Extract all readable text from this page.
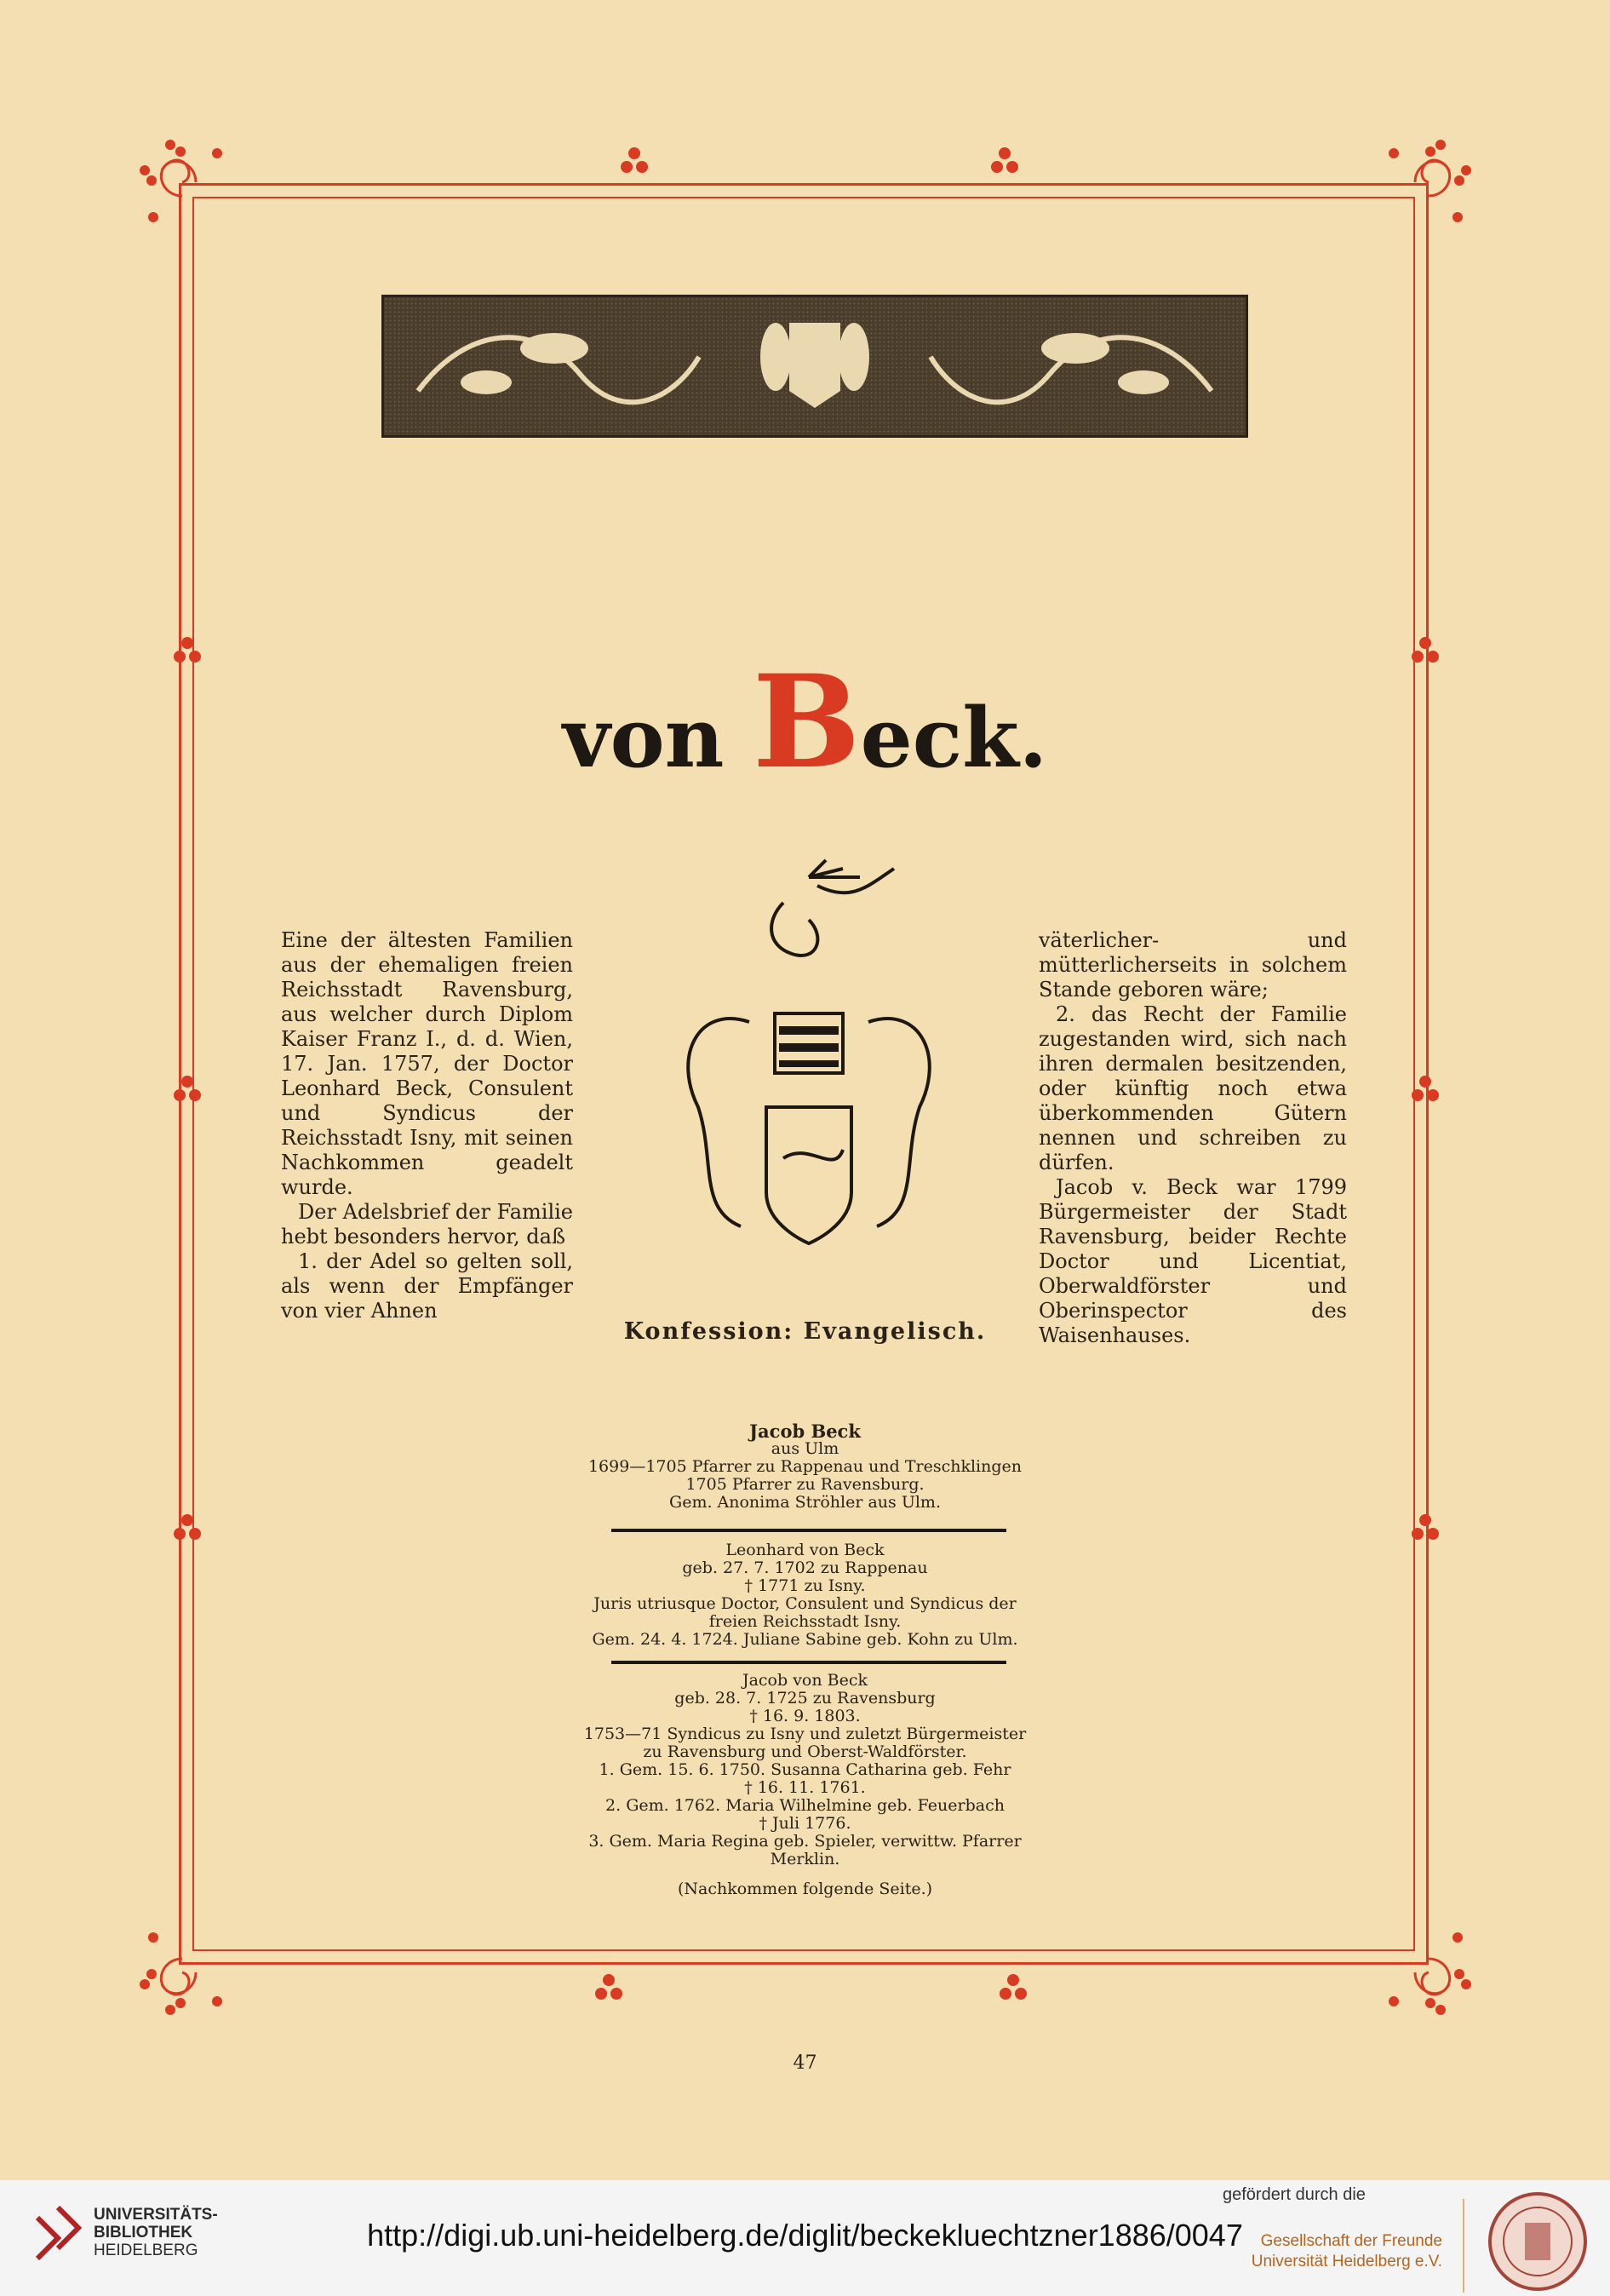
von Beck.

Eine der ältesten Familien aus der ehemaligen freien Reichsstadt Ravensburg, aus welcher durch Diplom Kaiser Franz I., d. d. Wien, 17. Jan. 1757, der Doctor Leonhard Beck, Consulent und Syndicus der Reichsstadt Isny, mit seinen Nachkommen geadelt wurde.

Der Adelsbrief der Familie hebt besonders hervor, daß

1. der Adel so gelten soll, als wenn der Empfänger von vier Ahnen

väterlicher- und mütterlicherseits in solchem Stande geboren wäre;

2. das Recht der Familie zugestanden wird, sich nach ihren dermalen besitzenden, oder künftig noch etwa überkommenden Gütern nennen und schreiben zu dürfen.

Jacob v. Beck war 1799 Bürgermeister der Stadt Ravensburg, beider Rechte Doctor und Licentiat, Oberwaldförster und Oberinspector des Waisenhauses.

Konfession: Evangelisch.
Jacob Beck
aus Ulm
1699—1705 Pfarrer zu Rappenau und Treschklingen
1705 Pfarrer zu Ravensburg.
Gem. Anonima Ströhler aus Ulm.
Leonhard von Beck
geb. 27. 7. 1702 zu Rappenau
† 1771 zu Isny.
Juris utriusque Doctor, Consulent und Syndicus der
freien Reichsstadt Isny.
Gem. 24. 4. 1724. Juliane Sabine geb. Kohn zu Ulm.
Jacob von Beck
geb. 28. 7. 1725 zu Ravensburg
† 16. 9. 1803.
1753—71 Syndicus zu Isny und zuletzt Bürgermeister
zu Ravensburg und Oberst-Waldförster.
1. Gem. 15. 6. 1750. Susanna Catharina geb. Fehr
† 16. 11. 1761.
2. Gem. 1762. Maria Wilhelmine geb. Feuerbach
† Juli 1776.
3. Gem. Maria Regina geb. Spieler, verwittw. Pfarrer
Merklin.
(Nachkommen folgende Seite.)
47
UNIVERSITÄTS-
BIBLIOTHEK
HEIDELBERG	http://digi.ub.uni-heidelberg.de/diglit/beckekluechtzner1886/0047
gefördert durch die
Gesellschaft der Freunde
Universität Heidelberg e.V.
